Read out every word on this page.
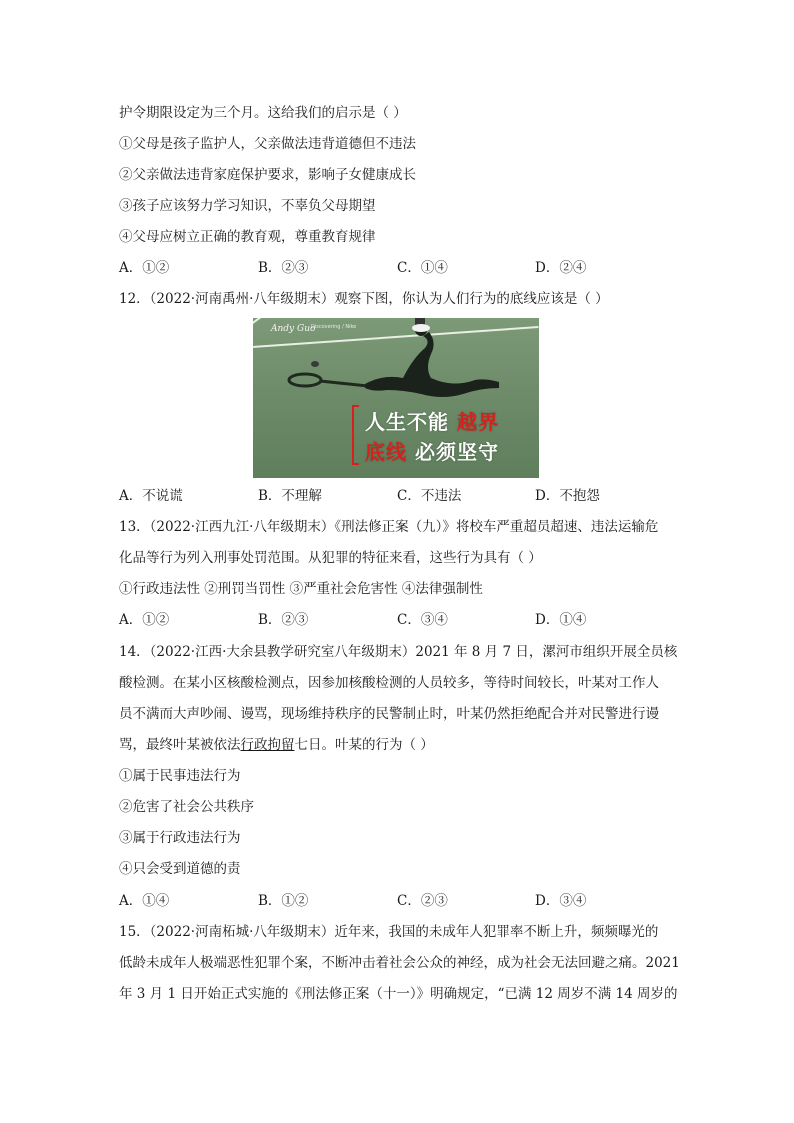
护令期限设定为三个月。这给我们的启示是（ ）
①父母是孩子监护人，父亲做法违背道德但不违法
②父亲做法违背家庭保护要求，影响子女健康成长
③孩子应该努力学习知识，不辜负父母期望
④父母应树立正确的教育观，尊重教育规律
A．①②	B．②③	C．①④	D．②④
12．（2022·河南禹州·八年级期末）观察下图，你认为人们行为的底线应该是（ ）
Andy Guo
Discovering / Nike
人生不能 越界
底线 必须坚守
A．不说谎	B．不理解	C．不违法	D．不抱怨
13．（2022·江西九江·八年级期末）《刑法修正案（九）》将校车严重超员超速、违法运输危
化品等行为列入刑事处罚范围。从犯罪的特征来看，这些行为具有（ ）
①行政违法性 ②刑罚当罚性 ③严重社会危害性 ④法律强制性
A．①②	B．②③	C．③④	D．①④
14．（2022·江西·大余县教学研究室八年级期末）2021 年 8 月 7 日，漯河市组织开展全员核
酸检测。在某小区核酸检测点，因参加核酸检测的人员较多，等待时间较长，叶某对工作人
员不满而大声吵闹、谩骂，现场维持秩序的民警制止时，叶某仍然拒绝配合并对民警进行谩
骂，最终叶某被依法行政拘留七日。叶某的行为（ ）
①属于民事违法行为
②危害了社会公共秩序
③属于行政违法行为
④只会受到道德的责
A．①④	B．①②	C．②③	D．③④
15．（2022·河南柘城·八年级期末）近年来，我国的未成年人犯罪率不断上升，频频曝光的
低龄未成年人极端恶性犯罪个案，不断冲击着社会公众的神经，成为社会无法回避之痛。2021
年 3 月 1 日开始正式实施的《刑法修正案（十一）》明确规定，“已满 12 周岁不满 14 周岁的
